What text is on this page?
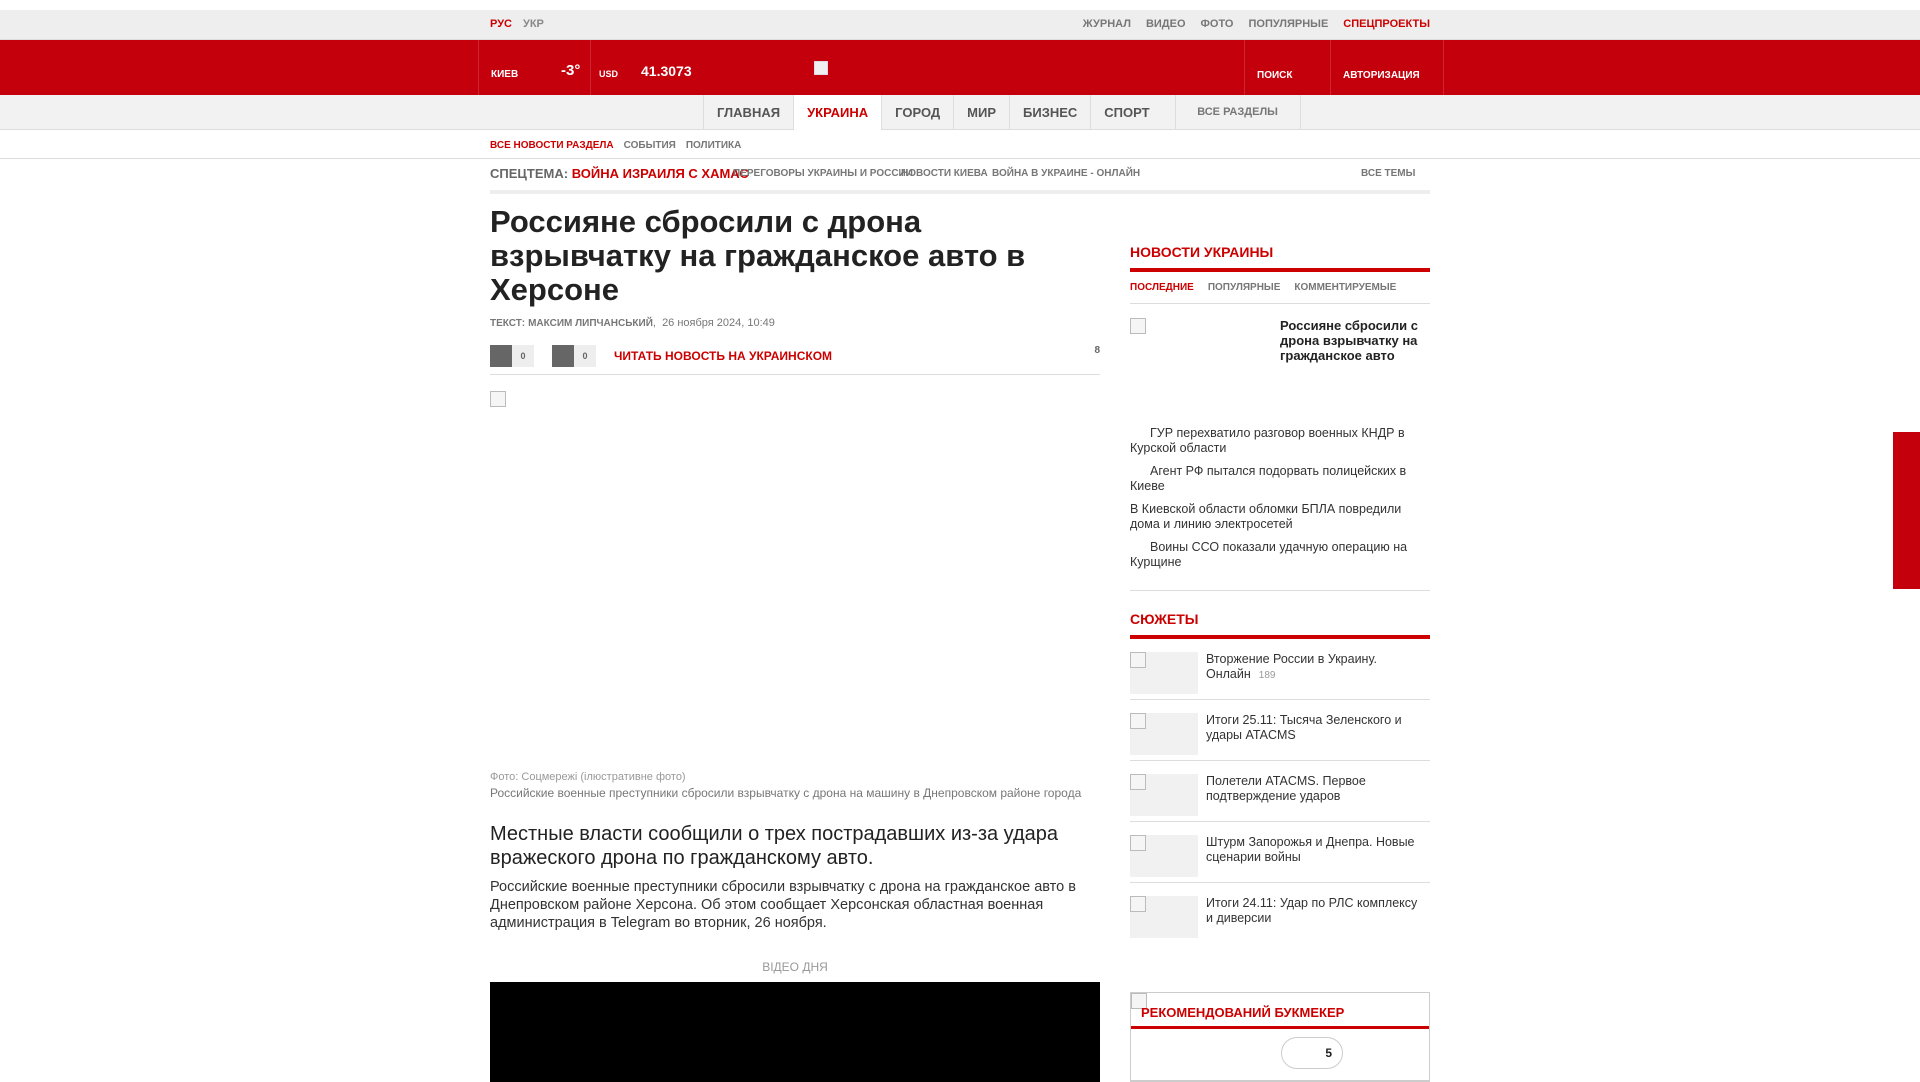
РУС УКР	ЖУРНАЛ ВИДЕО ФОТО ПОПУЛЯРНЫЕ СПЕЦПРОЕКТЫ
КИЕВ	-3° USD 41.3073	ПОИСК	АВТОРИЗАЦИЯ
ГЛАВНАЯ	УКРАИНА	ГОРОД	МИР	БИЗНЕС	СПОРТ	ВСЕ РАЗДЕЛЫ
ВСЕ НОВОСТИ РАЗДЕЛА СОБЫТИЯ ПОЛИТИКА
СПЕЦТЕМА: ВОЙНА ИЗРАИЛЯ С ХАМАС
ПЕРЕГОВОРЫ УКРАИНЫ И РОССИИ
НОВОСТИ КИЕВА ВОЙНА В УКРАИНЕ - ОНЛАЙН	ВСЕ ТЕМЫ
Россияне сбросили с дрона взрывчатку на гражданское авто в Херсоне
ТЕКСТ: МАКСИМ ЛИПЧАНСЬКИЙ,  26 ноября 2024, 10:49
0	0	ЧИТАТЬ НОВОСТЬ НА УКРАИНСКОМ	8
Фото: Соцмережі (ілюстративне фото)
Российские военные преступники сбросили взрывчатку с дрона на машину в Днепровском районе города

Местные власти сообщили о трех пострадавших из-за удара вражеского дрона по гражданскому авто.

Российские военные преступники сбросили взрывчатку с дрона на гражданское авто в Днепровском районе Херсона. Об этом сообщает Херсонская областная военная администрация в Telegram во вторник, 26 ноября.

ВІДЕО ДНЯ
НОВОСТИ УКРАИНЫ
ПОСЛЕДНИЕ ПОПУЛЯРНЫЕ КОММЕНТИРУЕМЫЕ
Россияне сбросили с дрона взрывчатку на гражданское авто
ГУР перехватило разговор военных КНДР в Курской области
Агент РФ пытался подорвать полицейских в Киеве
В Киевской области обломки БПЛА повредили дома и линию электросетей
Воины ССО показали удачную операцию на Курщине
СЮЖЕТЫ
Вторжение России в Украину. Онлайн 189
Итоги 25.11: Тысяча Зеленского и удары ATACMS
Полетели ATACMS. Первое подтверждение ударов
Штурм Запорожья и Днепра. Новые сценарии войны
Итоги 24.11: Удар по РЛС комплексу и диверсии
РЕКОМЕНДОВАНИЙ БУКМЕКЕР
5
